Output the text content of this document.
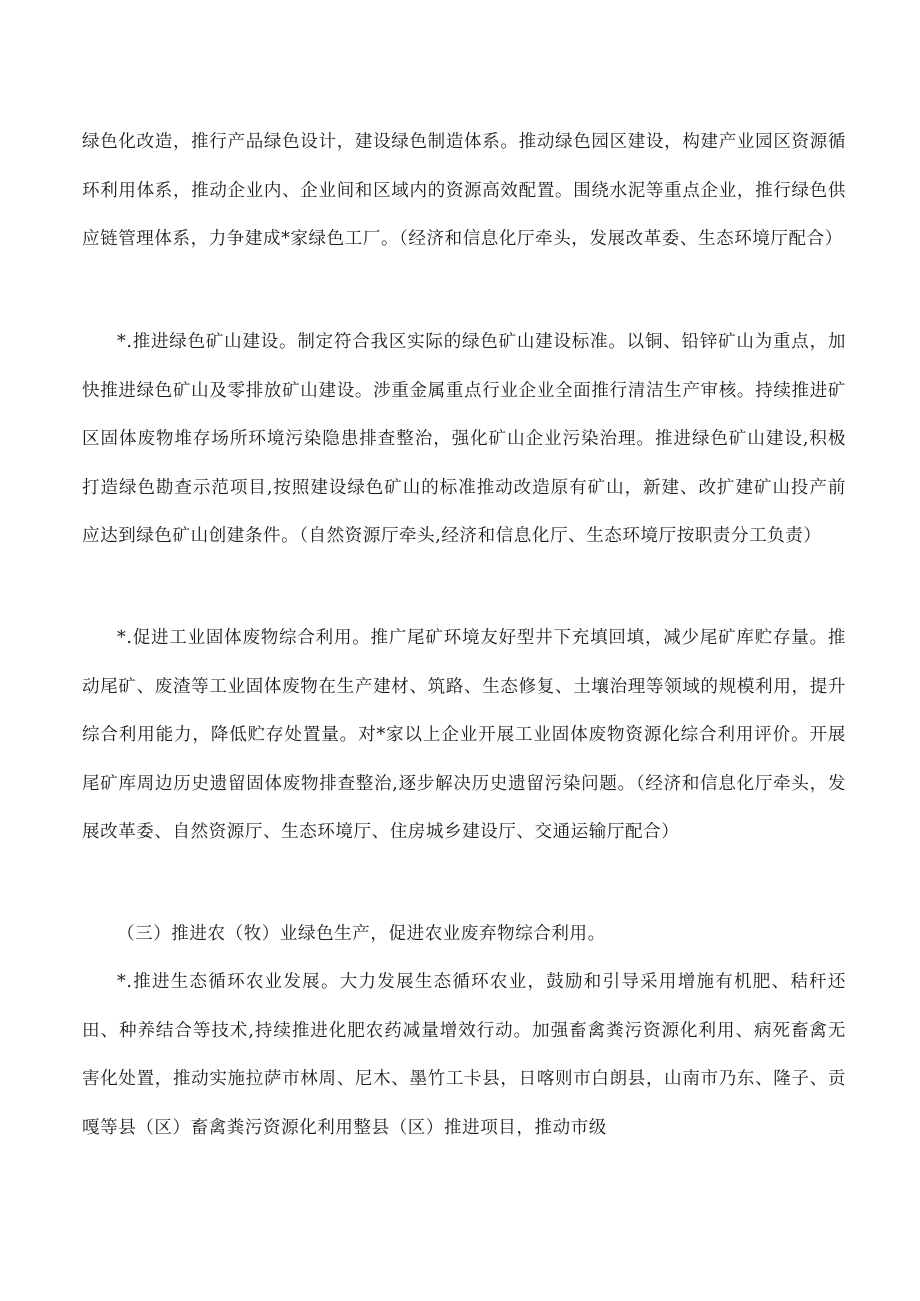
绿色化改造，推行产品绿色设计，建设绿色制造体系。推动绿色园区建设，构建产业园区资源循环利用体系，推动企业内、企业间和区域内的资源高效配置。围绕水泥等重点企业，推行绿色供应链管理体系，力争建成*家绿色工厂。（经济和信息化厅牵头，发展改革委、生态环境厅配合）

*.推进绿色矿山建设。制定符合我区实际的绿色矿山建设标准。以铜、铅锌矿山为重点，加快推进绿色矿山及零排放矿山建设。涉重金属重点行业企业全面推行清洁生产审核。持续推进矿区固体废物堆存场所环境污染隐患排查整治，强化矿山企业污染治理。推进绿色矿山建设,积极打造绿色勘查示范项目,按照建设绿色矿山的标准推动改造原有矿山，新建、改扩建矿山投产前应达到绿色矿山创建条件。（自然资源厅牵头,经济和信息化厅、生态环境厅按职责分工负责）

*.促进工业固体废物综合利用。推广尾矿环境友好型井下充填回填，减少尾矿库贮存量。推动尾矿、废渣等工业固体废物在生产建材、筑路、生态修复、土壤治理等领域的规模利用，提升综合利用能力，降低贮存处置量。对*家以上企业开展工业固体废物资源化综合利用评价。开展尾矿库周边历史遗留固体废物排查整治,逐步解决历史遗留污染问题。（经济和信息化厅牵头，发展改革委、自然资源厅、生态环境厅、住房城乡建设厅、交通运输厅配合）

（三）推进农（牧）业绿色生产，促进农业废弃物综合利用。

*.推进生态循环农业发展。大力发展生态循环农业，鼓励和引导采用增施有机肥、秸秆还田、种养结合等技术,持续推进化肥农药减量增效行动。加强畜禽粪污资源化利用、病死畜禽无害化处置，推动实施拉萨市林周、尼木、墨竹工卡县，日喀则市白朗县，山南市乃东、隆子、贡嘎等县（区）畜禽粪污资源化利用整县（区）推进项目，推动市级
